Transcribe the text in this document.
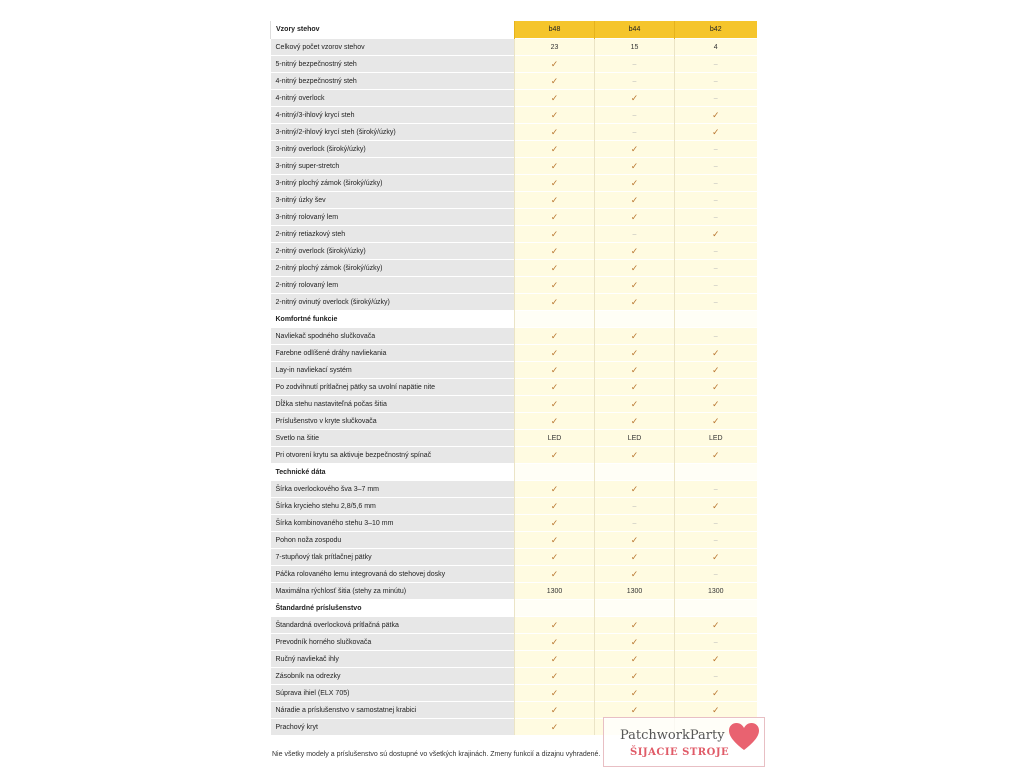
Vzory stehov	b48	b44	b42
Celkový počet vzorov stehov	23	15	4
5-nitný bezpečnostný steh	✓	–	–
4-nitný bezpečnostný steh	✓	–	–
4-nitný overlock	✓	✓	–
4-nitný/3-ihlový krycí steh	✓	–	✓
3-nitný/2-ihlový krycí steh (široký/úzky)	✓	–	✓
3-nitný overlock (široký/úzky)	✓	✓	–
3-nitný super-stretch	✓	✓	–
3-nitný plochý zámok (široký/úzky)	✓	✓	–
3-nitný úzky šev	✓	✓	–
3-nitný rolovaný lem	✓	✓	–
2-nitný retiazkový steh	✓	–	✓
2-nitný overlock (široký/úzky)	✓	✓	–
2-nitný plochý zámok (široký/úzky)	✓	✓	–
2-nitný rolovaný lem	✓	✓	–
2-nitný ovinutý overlock (široký/úzky)	✓	✓	–
Komfortné funkcie			
Navliekač spodného slučkovača	✓	✓	–
Farebne odlíšené dráhy navliekania	✓	✓	✓
Lay-in navliekací systém	✓	✓	✓
Po zodvihnutí prítlačnej pätky sa uvolní napätie nite	✓	✓	✓
Dĺžka stehu nastaviteľná počas šitia	✓	✓	✓
Príslušenstvo v kryte slučkovača	✓	✓	✓
Svetlo na šitie	LED	LED	LED
Pri otvorení krytu sa aktivuje bezpečnostný spínač	✓	✓	✓
Technické dáta			
Šírka overlockového šva 3–7 mm	✓	✓	–
Šírka krycieho stehu 2,8/5,6 mm	✓	–	✓
Šírka kombinovaného stehu 3–10 mm	✓	–	–
Pohon noža zospodu	✓	✓	–
7-stupňový tlak prítlačnej pätky	✓	✓	✓
Páčka rolovaného lemu integrovaná do stehovej dosky	✓	✓	–
Maximálna rýchlosť šitia (stehy za minútu)	1300	1300	1300
Štandardné príslušenstvo			
Štandardná overlocková prítlačná pätka	✓	✓	✓
Prevodník horného slučkovača	✓	✓	–
Ručný navliekač ihly	✓	✓	✓
Zásobník na odrezky	✓	✓	–
Súprava ihiel (ELX 705)	✓	✓	✓
Náradie a príslušenstvo v samostatnej krabici	✓	✓	✓
Prachový kryt	✓		
Nie všetky modely a príslušenstvo sú dostupné vo všetkých krajinách. Zmeny funkcií a dizajnu vyhradené.
PatchworkParty
ŠIJACIE STROJE
